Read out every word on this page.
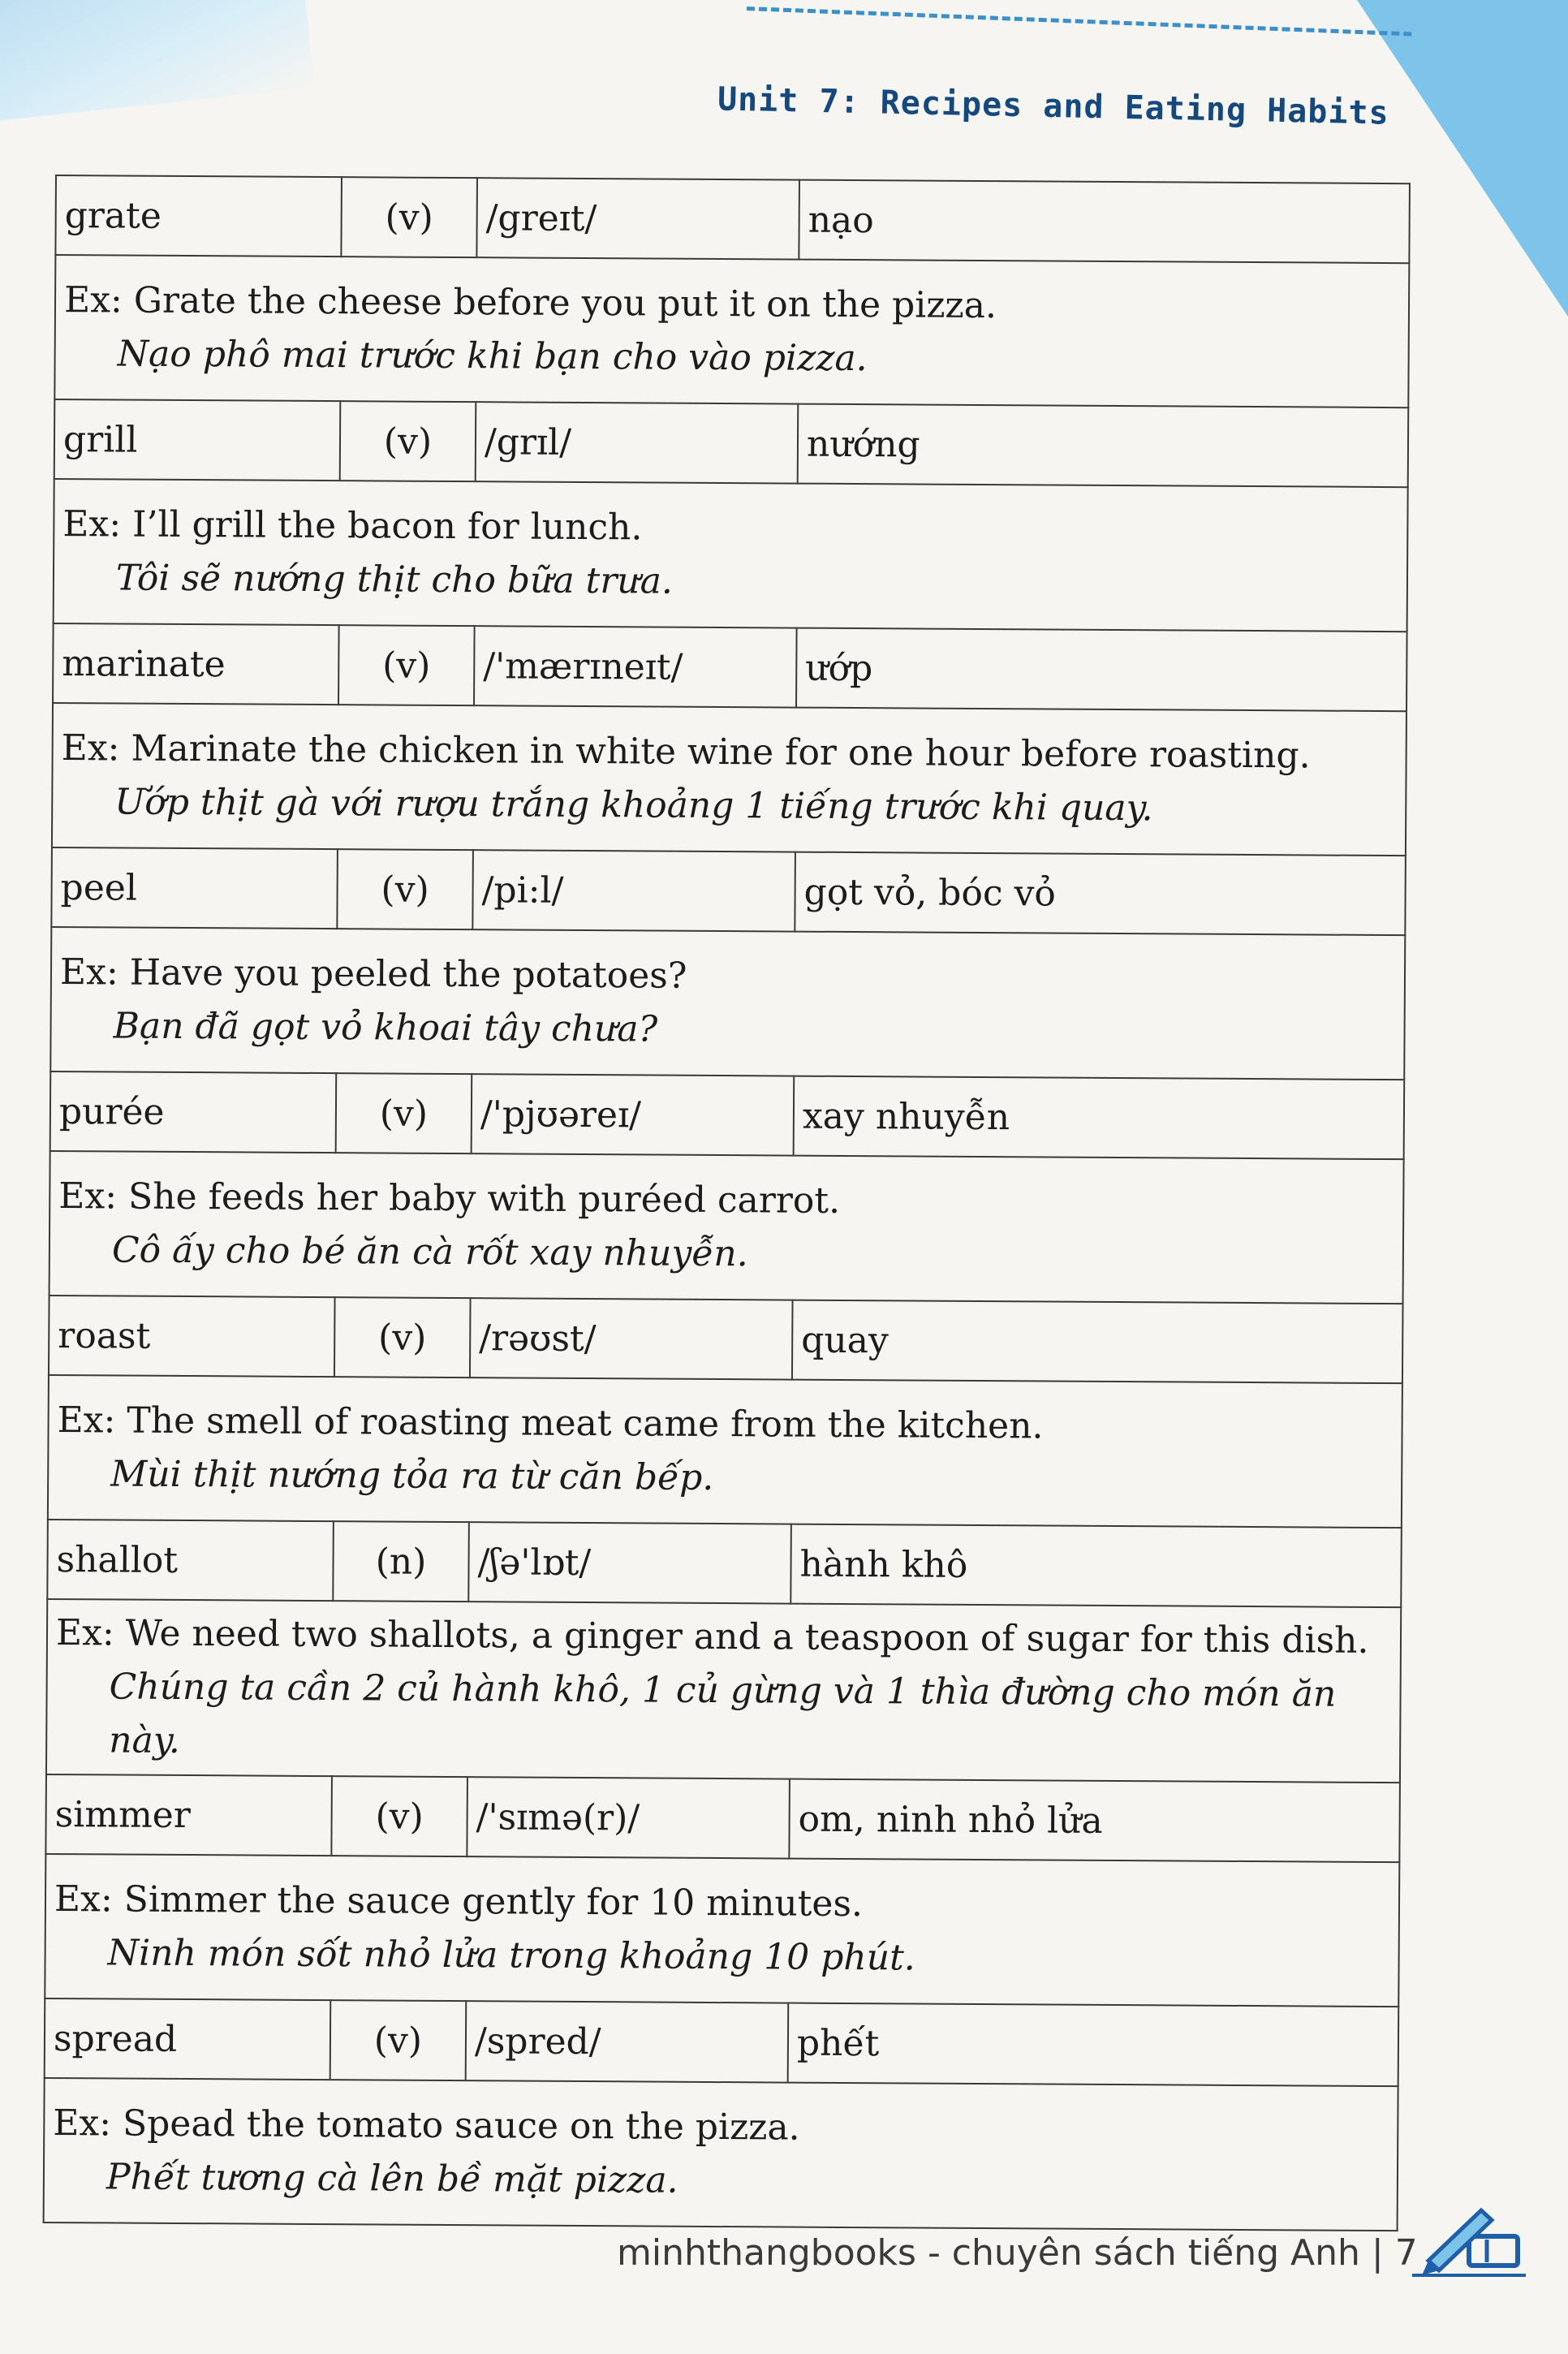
Unit 7: Recipes and Eating Habits
grate	(v)	/greɪt/	nạo

Ex: Grate the cheese before you put it on the pizza.
Nạo phô mai trước khi bạn cho vào pizza.			

grill	(v)	/grɪl/	nướng

Ex: I’ll grill the bacon for lunch.
Tôi sẽ nướng thịt cho bữa trưa.			

marinate	(v)	/'mærɪneɪt/	ướp

Ex: Marinate the chicken in white wine for one hour before roasting.
Ướp thịt gà với rượu trắng khoảng 1 tiếng trước khi quay.			

peel	(v)	/pi:l/	gọt vỏ, bóc vỏ

Ex: Have you peeled the potatoes?
Bạn đã gọt vỏ khoai tây chưa?			

purée	(v)	/'pjʊəreɪ/	xay nhuyễn

Ex: She feeds her baby with puréed carrot.
Cô ấy cho bé ăn cà rốt xay nhuyễn.			

roast	(v)	/rəʊst/	quay

Ex: The smell of roasting meat came from the kitchen.
Mùi thịt nướng tỏa ra từ căn bếp.			

shallot	(n)	/ʃə'lɒt/	hành khô

Ex: We need two shallots, a ginger and a teaspoon of sugar for this dish.
Chúng ta cần 2 củ hành khô, 1 củ gừng và 1 thìa đường cho món ăn này.			

simmer	(v)	/'sɪmə(r)/	om, ninh nhỏ lửa

Ex: Simmer the sauce gently for 10 minutes.
Ninh món sốt nhỏ lửa trong khoảng 10 phút.			

spread	(v)	/spred/	phết

Ex: Spead the tomato sauce on the pizza.
Phết tương cà lên bề mặt pizza.			
minhthangbooks - chuyên sách tiếng Anh | 7
